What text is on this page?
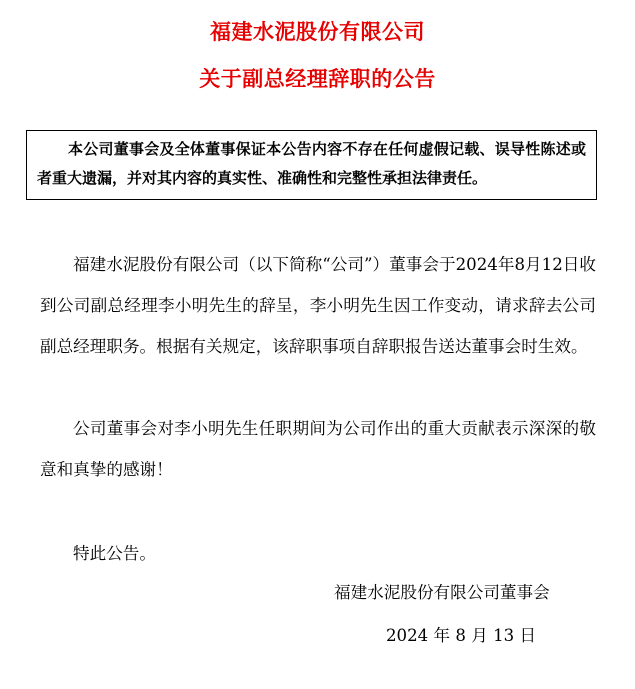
福建水泥股份有限公司
关于副总经理辞职的公告

本公司董事会及全体董事保证本公告内容不存在任何虚假记载、误导性陈述或者重大遗漏，并对其内容的真实性、准确性和完整性承担法律责任。

福建水泥股份有限公司（以下简称“公司”）董事会于2024年8月12日收到公司副总经理李小明先生的辞呈，李小明先生因工作变动，请求辞去公司副总经理职务。根据有关规定，该辞职事项自辞职报告送达董事会时生效。

公司董事会对李小明先生任职期间为公司作出的重大贡献表示深深的敬意和真挚的感谢！

特此公告。

福建水泥股份有限公司董事会
2024 年 8 月 13 日
